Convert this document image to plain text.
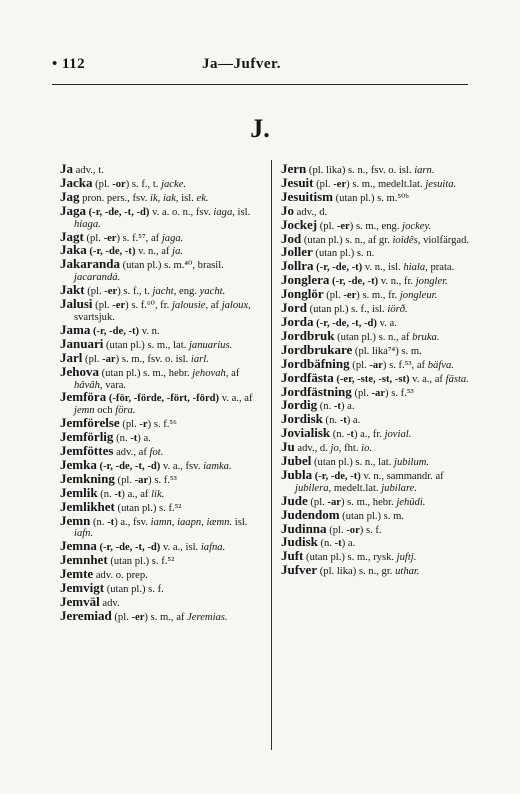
• 112	Ja—Jufver.
J.

Ja adv., t.

Jacka (pl. -or) s. f., t. jacke.

Jag pron. pers., fsv. ik, iak, isl. ek.

Jaga (-r, -de, -t, -d) v. a. o. n., fsv. iaga, isl. hiaga.

Jagt (pl. -er) s. f.⁵⁷, af jaga.

Jaka (-r, -de, -t) v. n., af ja.

Jakaranda (utan pl.) s. m.⁴⁰, brasil. jacarandá.

Jakt (pl. -er) s. f., t. jacht, eng. yacht.

Jalusi (pl. -er) s. f.⁶⁰, fr. jalousie, af jaloux, svartsjuk.

Jama (-r, -de, -t) v. n.

Januari (utan pl.) s. m., lat. januarius.

Jarl (pl. -ar) s. m., fsv. o. isl. iarl.

Jehova (utan pl.) s. m., hebr. jehovah, af hâvâh, vara.

Jemföra (-för, -förde, -fört, -förd) v. a., af jemn och föra.

Jemförelse (pl. -r) s. f.⁵⁶

Jemförlig (n. -t) a.

Jemföttes adv., af fot.

Jemka (-r, -de, -t, -d) v. a., fsv. iamka.

Jemkning (pl. -ar) s. f.⁵³

Jemlik (n. -t) a., af lik.

Jemlikhet (utan pl.) s. f.⁵²

Jemn (n. -t) a., fsv. iamn, iaapn, iæmn. isl. iafn.

Jemna (-r, -de, -t, -d) v. a., isl. iafna.

Jemnhet (utan pl.) s. f.⁵²

Jemte adv. o. prep.

Jemvigt (utan pl.) s. f.

Jemväl adv.

Jeremiad (pl. -er) s. m., af Jeremias.

Jern (pl. lika) s. n., fsv. o. isl. iarn.

Jesuit (pl. -er) s. m., medelt.lat. jesuita.

Jesuitism (utan pl.) s. m.⁵⁰ᵇ

Jo adv., d.

Jockej (pl. -er) s. m., eng. jockey.

Jod (utan pl.) s. n., af gr. ioidês, violfärgad.

Joller (utan pl.) s. n.

Jollra (-r, -de, -t) v. n., isl. hiala, prata.

Jonglera (-r, -de, -t) v. n., fr. jongler.

Jonglör (pl. -er) s. m., fr. jongleur.

Jord (utan pl.) s. f., isl. iörð.

Jorda (-r, -de, -t, -d) v. a.

Jordbruk (utan pl.) s. n., af bruka.

Jordbrukare (pl. lika⁷⁴) s. m.

Jordbäfning (pl. -ar) s. f.⁵³, af bäfva.

Jordfästa (-er, -ste, -st, -st) v. a., af fästa.

Jordfästning (pl. -ar) s. f.⁵³

Jordig (n. -t) a.

Jordisk (n. -t) a.

Jovialisk (n. -t) a., fr. jovial.

Ju adv., d. jo, fht. io.

Jubel (utan pl.) s. n., lat. jubilum.

Jubla (-r, -de, -t) v. n., sammandr. af jubilera, medelt.lat. jubilare.

Jude (pl. -ar) s. m., hebr. jehûdi.

Judendom (utan pl.) s. m.

Judinna (pl. -or) s. f.

Judisk (n. -t) a.

Juft (utan pl.) s. m., rysk. juftj.

Jufver (pl. lika) s. n., gr. uthar.
